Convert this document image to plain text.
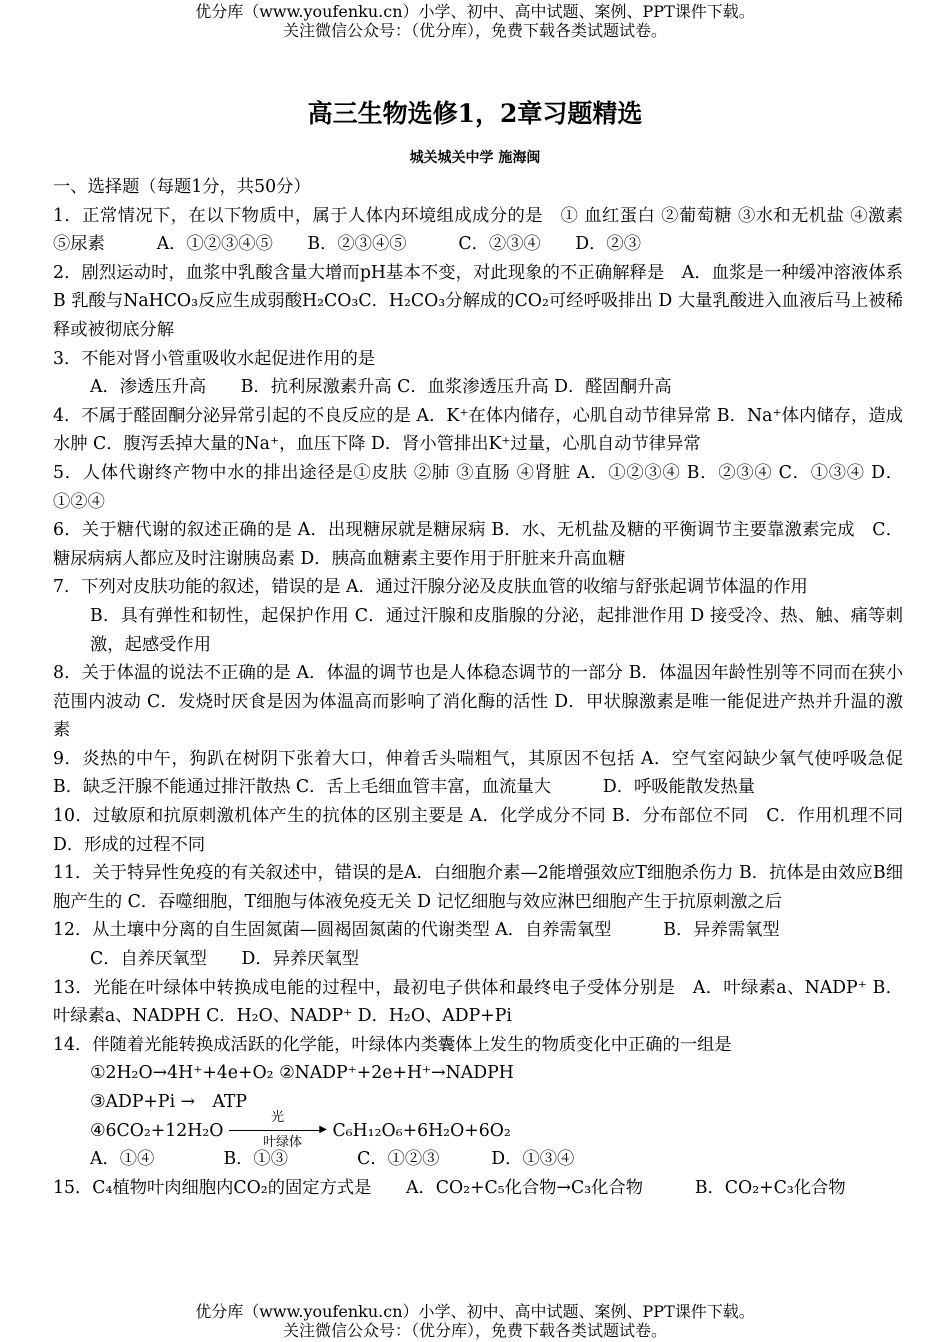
优分库（www.youfenku.cn）小学、初中、高中试题、案例、PPT课件下载。
关注微信公众号：（优分库），免费下载各类试题试卷。
高三生物选修1，2章习题精选
城关城关中学 施海闽

一、选择题（每题1分，共50分）

1．正常情况下，在以下物质中，属于人体内环境组成成分的是　① 血红蛋白 ②葡萄糖 ③水和无机盐 ④激素 ⑤尿素　　　A．①②③④⑤　　B．②③④⑤　　　C．②③④　　D．②③

2．剧烈运动时，血浆中乳酸含量大增而pH基本不变，对此现象的不正确解释是　A．血浆是一种缓冲溶液体系 B 乳酸与NaHCO₃反应生成弱酸H₂CO₃C．H₂CO₃分解成的CO₂可经呼吸排出 D 大量乳酸进入血液后马上被稀释或被彻底分解

3．不能对肾小管重吸收水起促进作用的是

A．渗透压升高　　B．抗利尿激素升高 C．血浆渗透压升高 D．醛固酮升高

4．不属于醛固酮分泌异常引起的不良反应的是 A．K⁺在体内储存，心肌自动节律异常 B．Na⁺体内储存，造成水肿 C．腹泻丢掉大量的Na⁺，血压下降 D．肾小管排出K⁺过量，心肌自动节律异常

5．人体代谢终产物中水的排出途径是①皮肤 ②肺 ③直肠 ④肾脏 A．①②③④ B．②③④ C．①③④ D．①②④

6．关于糖代谢的叙述正确的是 A．出现糖尿就是糖尿病 B．水、无机盐及糖的平衡调节主要靠激素完成　C．糖尿病病人都应及时注谢胰岛素 D．胰高血糖素主要作用于肝脏来升高血糖

7．下列对皮肤功能的叙述，错误的是 A．通过汗腺分泌及皮肤血管的收缩与舒张起调节体温的作用

B．具有弹性和韧性，起保护作用 C．通过汗腺和皮脂腺的分泌，起排泄作用 D 接受冷、热、触、痛等刺激，起感受作用

8．关于体温的说法不正确的是 A．体温的调节也是人体稳态调节的一部分 B．体温因年龄性别等不同而在狭小范围内波动 C．发烧时厌食是因为体温高而影响了消化酶的活性 D．甲状腺激素是唯一能促进产热并升温的激素

9．炎热的中午，狗趴在树阴下张着大口，伸着舌头喘粗气，其原因不包括 A．空气室闷缺少氧气使呼吸急促 B．缺乏汗腺不能通过排汗散热 C．舌上毛细血管丰富，血流量大　　　D．呼吸能散发热量

10．过敏原和抗原刺激机体产生的抗体的区别主要是 A．化学成分不同 B．分布部位不同　C．作用机理不同 D．形成的过程不同

11．关于特异性免疫的有关叙述中，错误的是A．白细胞介素—2能增强效应T细胞杀伤力 B．抗体是由效应B细胞产生的 C．吞噬细胞，T细胞与体液免疫无关 D 记忆细胞与效应淋巴细胞产生于抗原刺激之后

12．从土壤中分离的自生固氮菌—圆褐固氮菌的代谢类型 A．自养需氧型　　　B．异养需氧型

C．自养厌氧型　　D．异养厌氧型

13．光能在叶绿体中转换成电能的过程中，最初电子供体和最终电子受体分别是　A．叶绿素a、NADP⁺ B．叶绿素a、NADPH C．H₂O、NADP⁺ D．H₂O、ADP+Pi

14．伴随着光能转换成活跃的化学能，叶绿体内类囊体上发生的物质变化中正确的一组是

①2H₂O→4H⁺+4e+O₂ ②NADP⁺+2e+H⁺→NADPH

③ADP+Pi →　ATP

④6CO₂+12H₂O
光
▶
叶绿体
C₆H₁₂O₆+6H₂O+6O₂

A．①④　　　　B．①③　　　　C．①②③　　　D．①③④

15．C₄植物叶肉细胞内CO₂的固定方式是　　A．CO₂+C₅化合物→C₃化合物　　　B．CO₂+C₃化合物

优分库（www.youfenku.cn）小学、初中、高中试题、案例、PPT课件下载。
关注微信公众号：（优分库），免费下载各类试题试卷。
